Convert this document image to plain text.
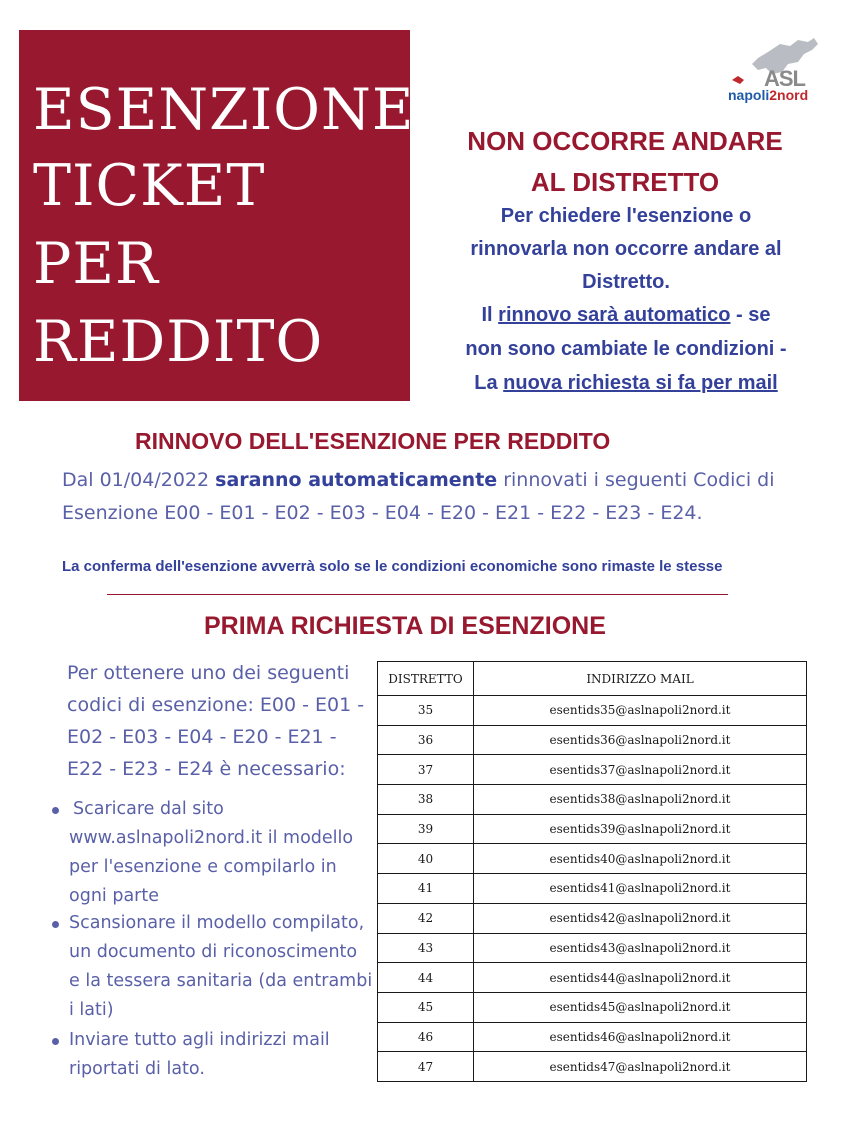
ESENZIONE
TICKET
PER
REDDITO
ASL
napoli2nord
NON OCCORRE ANDARE
AL DISTRETTO
Per chiedere l'esenzione o
rinnovarla non occorre andare al
Distretto.
Il rinnovo sarà automatico - se
non sono cambiate le condizioni -
La nuova richiesta si fa per mail
RINNOVO DELL'ESENZIONE PER REDDITO
Dal 01/04/2022 saranno automaticamente rinnovati i seguenti Codici di
Esenzione E00 - E01 - E02 - E03 - E04 - E20 - E21 - E22 - E23 - E24.
La conferma dell'esenzione avverrà solo se le condizioni economiche sono rimaste le stesse
PRIMA RICHIESTA DI ESENZIONE
Per ottenere uno dei seguenti
codici di esenzione: E00 - E01 -
E02 - E03 - E04 - E20 - E21 -
E22 - E23 - E24 è necessario:
Scaricare dal sito
www.aslnapoli2nord.it il modello
per l'esenzione e compilarlo in
ogni parte
Scansionare il modello compilato,
un documento di riconoscimento
e la tessera sanitaria (da entrambi
i lati)
Inviare tutto agli indirizzi mail
riportati di lato.
DISTRETTO	INDIRIZZO MAIL
35	esentids35@aslnapoli2nord.it
36	esentids36@aslnapoli2nord.it
37	esentids37@aslnapoli2nord.it
38	esentids38@aslnapoli2nord.it
39	esentids39@aslnapoli2nord.it
40	esentids40@aslnapoli2nord.it
41	esentids41@aslnapoli2nord.it
42	esentids42@aslnapoli2nord.it
43	esentids43@aslnapoli2nord.it
44	esentids44@aslnapoli2nord.it
45	esentids45@aslnapoli2nord.it
46	esentids46@aslnapoli2nord.it
47	esentids47@aslnapoli2nord.it
